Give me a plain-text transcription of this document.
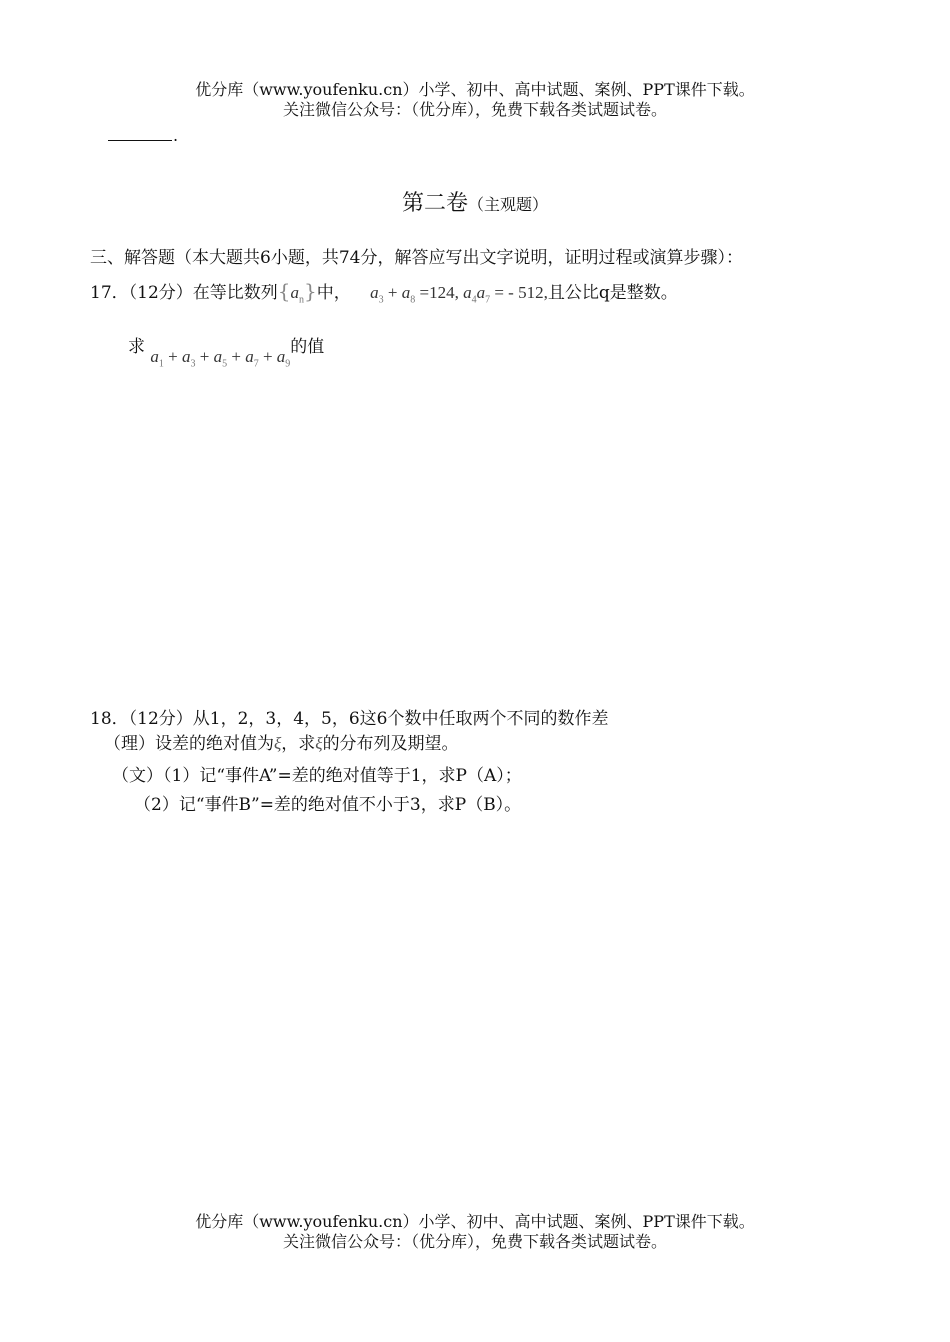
优分库（www.youfenku.cn）小学、初中、高中试题、案例、PPT课件下载。
关注微信公众号：（优分库），免费下载各类试题试卷。
.
第二卷（主观题）
三、解答题（本大题共6小题，共74分，解答应写出文字说明，证明过程或演算步骤）：
17．（12分）在等比数列$\{a_n\}$中， $a_3 + a_8 =124$, $a_4a_7$ = - 512,且公比q是整数。
求 $a_1 + a_3 + a_5 + a_7 + a_9$的值
18．（12分）从1，2，3，4，5，6这6个数中任取两个不同的数作差
（理）设差的绝对值为ξ，求ξ的分布列及期望。
（文）（1）记“事件A”=差的绝对值等于1，求P（A）；
（2）记“事件B”=差的绝对值不小于3，求P（B）。
优分库（www.youfenku.cn）小学、初中、高中试题、案例、PPT课件下载。
关注微信公众号：（优分库），免费下载各类试题试卷。
